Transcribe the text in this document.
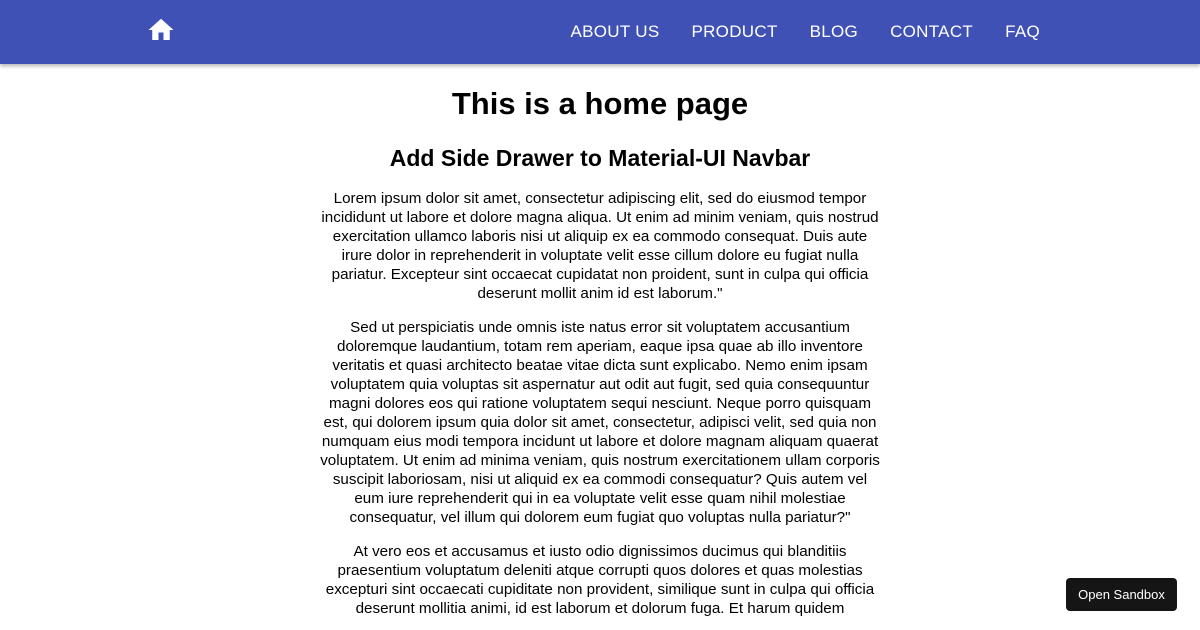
ABOUT US PRODUCT BLOG CONTACT FAQ
This is a home page
Add Side Drawer to Material-UI Navbar

Lorem ipsum dolor sit amet, consectetur adipiscing elit, sed do eiusmod tempor incididunt ut labore et dolore magna aliqua. Ut enim ad minim veniam, quis nostrud exercitation ullamco laboris nisi ut aliquip ex ea commodo consequat. Duis aute irure dolor in reprehenderit in voluptate velit esse cillum dolore eu fugiat nulla pariatur. Excepteur sint occaecat cupidatat non proident, sunt in culpa qui officia deserunt mollit anim id est laborum."

Sed ut perspiciatis unde omnis iste natus error sit voluptatem accusantium doloremque laudantium, totam rem aperiam, eaque ipsa quae ab illo inventore veritatis et quasi architecto beatae vitae dicta sunt explicabo. Nemo enim ipsam voluptatem quia voluptas sit aspernatur aut odit aut fugit, sed quia consequuntur magni dolores eos qui ratione voluptatem sequi nesciunt. Neque porro quisquam est, qui dolorem ipsum quia dolor sit amet, consectetur, adipisci velit, sed quia non numquam eius modi tempora incidunt ut labore et dolore magnam aliquam quaerat voluptatem. Ut enim ad minima veniam, quis nostrum exercitationem ullam corporis suscipit laboriosam, nisi ut aliquid ex ea commodi consequatur? Quis autem vel eum iure reprehenderit qui in ea voluptate velit esse quam nihil molestiae consequatur, vel illum qui dolorem eum fugiat quo voluptas nulla pariatur?"

At vero eos et accusamus et iusto odio dignissimos ducimus qui blanditiis praesentium voluptatum deleniti atque corrupti quos dolores et quas molestias excepturi sint occaecati cupiditate non provident, similique sunt in culpa qui officia deserunt mollitia animi, id est laborum et dolorum fuga. Et harum quidem

Open Sandbox
